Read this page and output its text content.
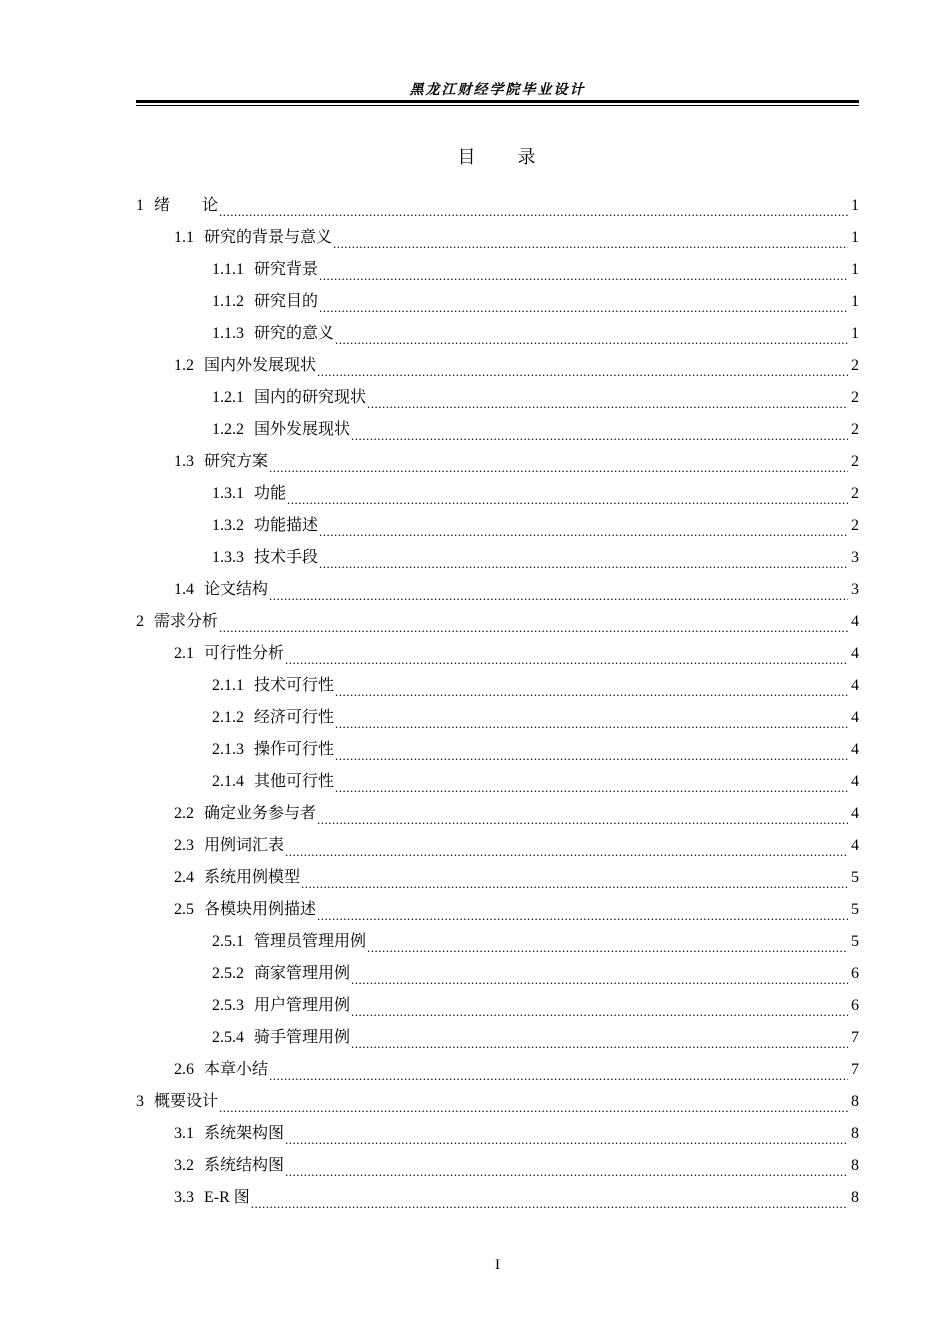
黑龙江财经学院毕业设计
目　　录
1 绪　　论 .....	1
1.1 研究的背景与意义 .....	1
1.1.1 研究背景 .....	1
1.1.2 研究目的 .....	1
1.1.3 研究的意义 .....	1
1.2 国内外发展现状 .....	2
1.2.1 国内的研究现状 .....	2
1.2.2 国外发展现状 .....	2
1.3 研究方案 .....	2
1.3.1 功能 .....	2
1.3.2 功能描述 .....	2
1.3.3 技术手段 .....	3
1.4 论文结构 .....	3
2 需求分析 .....	4
2.1 可行性分析 .....	4
2.1.1 技术可行性 .....	4
2.1.2 经济可行性 .....	4
2.1.3 操作可行性 .....	4
2.1.4 其他可行性 .....	4
2.2 确定业务参与者 .....	4
2.3 用例词汇表 .....	4
2.4 系统用例模型 .....	5
2.5 各模块用例描述 .....	5
2.5.1 管理员管理用例 .....	5
2.5.2 商家管理用例 .....	6
2.5.3 用户管理用例 .....	6
2.5.4 骑手管理用例 .....	7
2.6 本章小结 .....	7
3 概要设计 .....	8
3.1 系统架构图 .....	8
3.2 系统结构图 .....	8
3.3 E-R 图 .....	8
I
